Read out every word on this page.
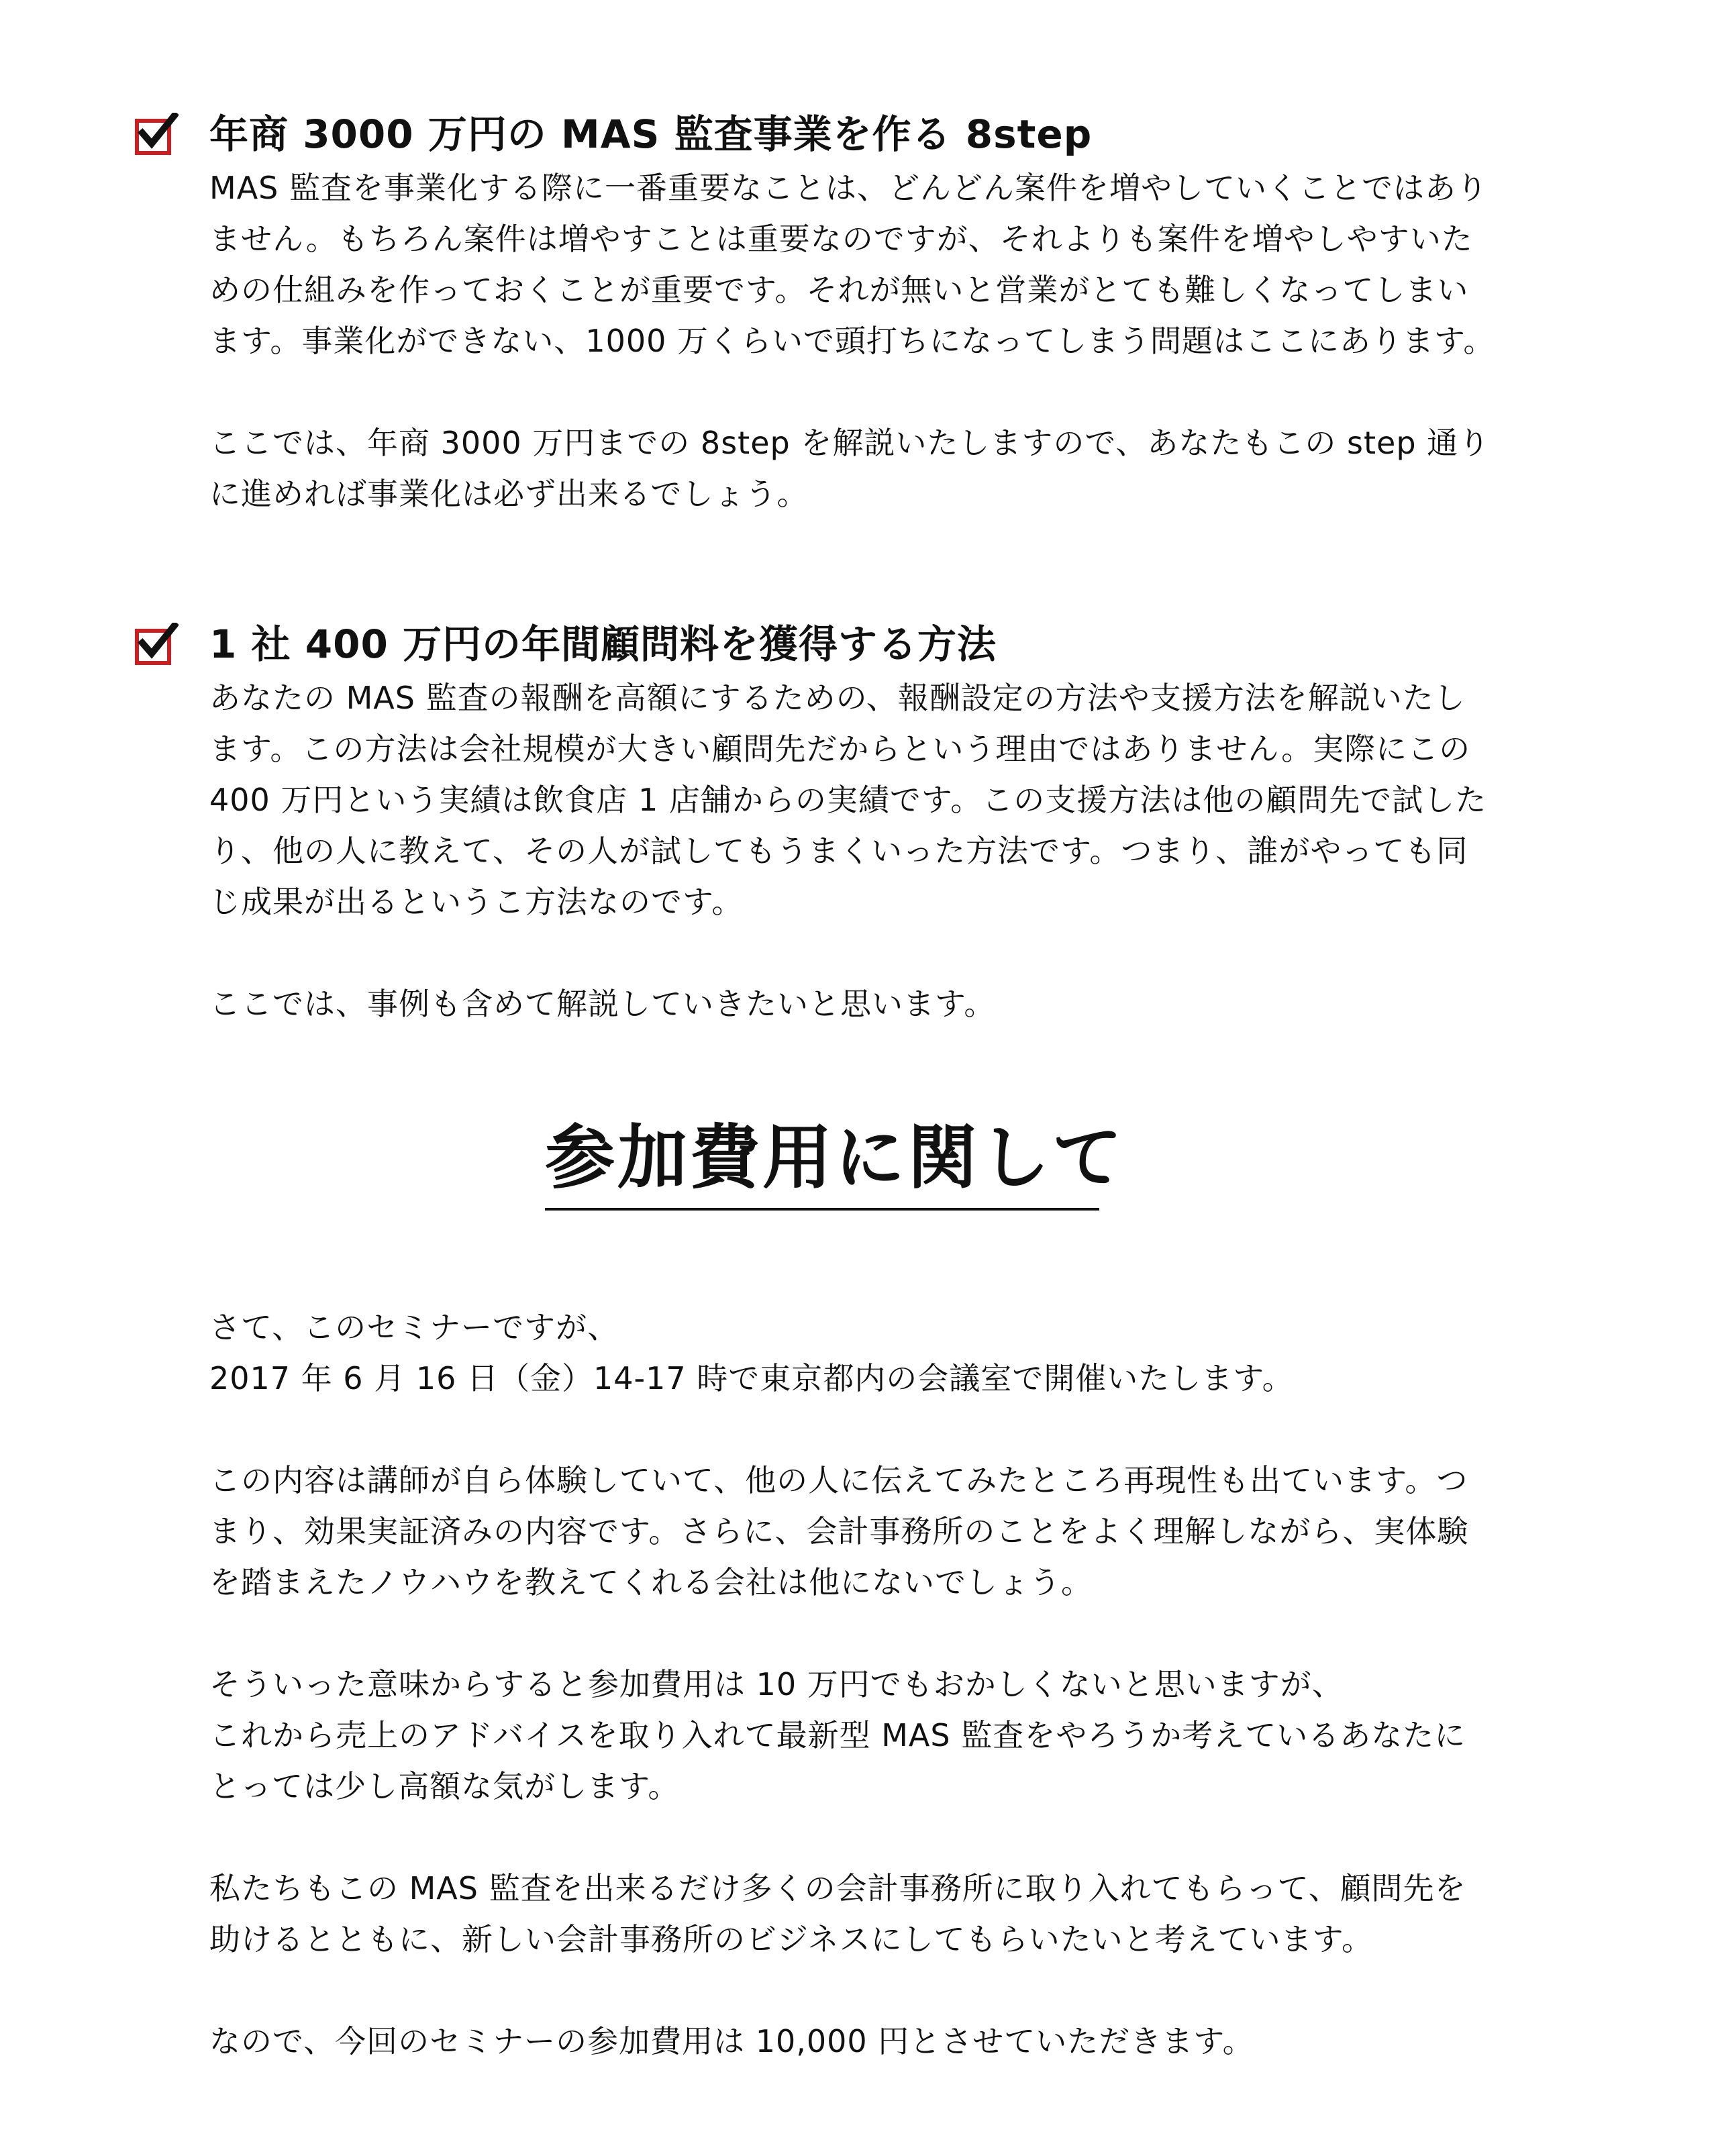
年商 3000 万円の MAS 監査事業を作る 8step

MAS 監査を事業化する際に一番重要なことは、どんどん案件を増やしていくことではあり
ません。もちろん案件は増やすことは重要なのですが、それよりも案件を増やしやすいた
めの仕組みを作っておくことが重要です。それが無いと営業がとても難しくなってしまい
ます。事業化ができない、1000 万くらいで頭打ちになってしまう問題はここにあります。

ここでは、年商 3000 万円までの 8step を解説いたしますので、あなたもこの step 通り
に進めれば事業化は必ず出来るでしょう。

1 社 400 万円の年間顧問料を獲得する方法

あなたの MAS 監査の報酬を高額にするための、報酬設定の方法や支援方法を解説いたし
ます。この方法は会社規模が大きい顧問先だからという理由ではありません。実際にこの
400 万円という実績は飲食店 1 店舗からの実績です。この支援方法は他の顧問先で試した
り、他の人に教えて、その人が試してもうまくいった方法です。つまり、誰がやっても同
じ成果が出るというこ方法なのです。

ここでは、事例も含めて解説していきたいと思います。

参加費用に関して

さて、このセミナーですが、
2017 年 6 月 16 日（金）14-17 時で東京都内の会議室で開催いたします。

この内容は講師が自ら体験していて、他の人に伝えてみたところ再現性も出ています。つ
まり、効果実証済みの内容です。さらに、会計事務所のことをよく理解しながら、実体験
を踏まえたノウハウを教えてくれる会社は他にないでしょう。

そういった意味からすると参加費用は 10 万円でもおかしくないと思いますが、
これから売上のアドバイスを取り入れて最新型 MAS 監査をやろうか考えているあなたに
とっては少し高額な気がします。

私たちもこの MAS 監査を出来るだけ多くの会計事務所に取り入れてもらって、顧問先を
助けるとともに、新しい会計事務所のビジネスにしてもらいたいと考えています。

なので、今回のセミナーの参加費用は 10,000 円とさせていただきます。
